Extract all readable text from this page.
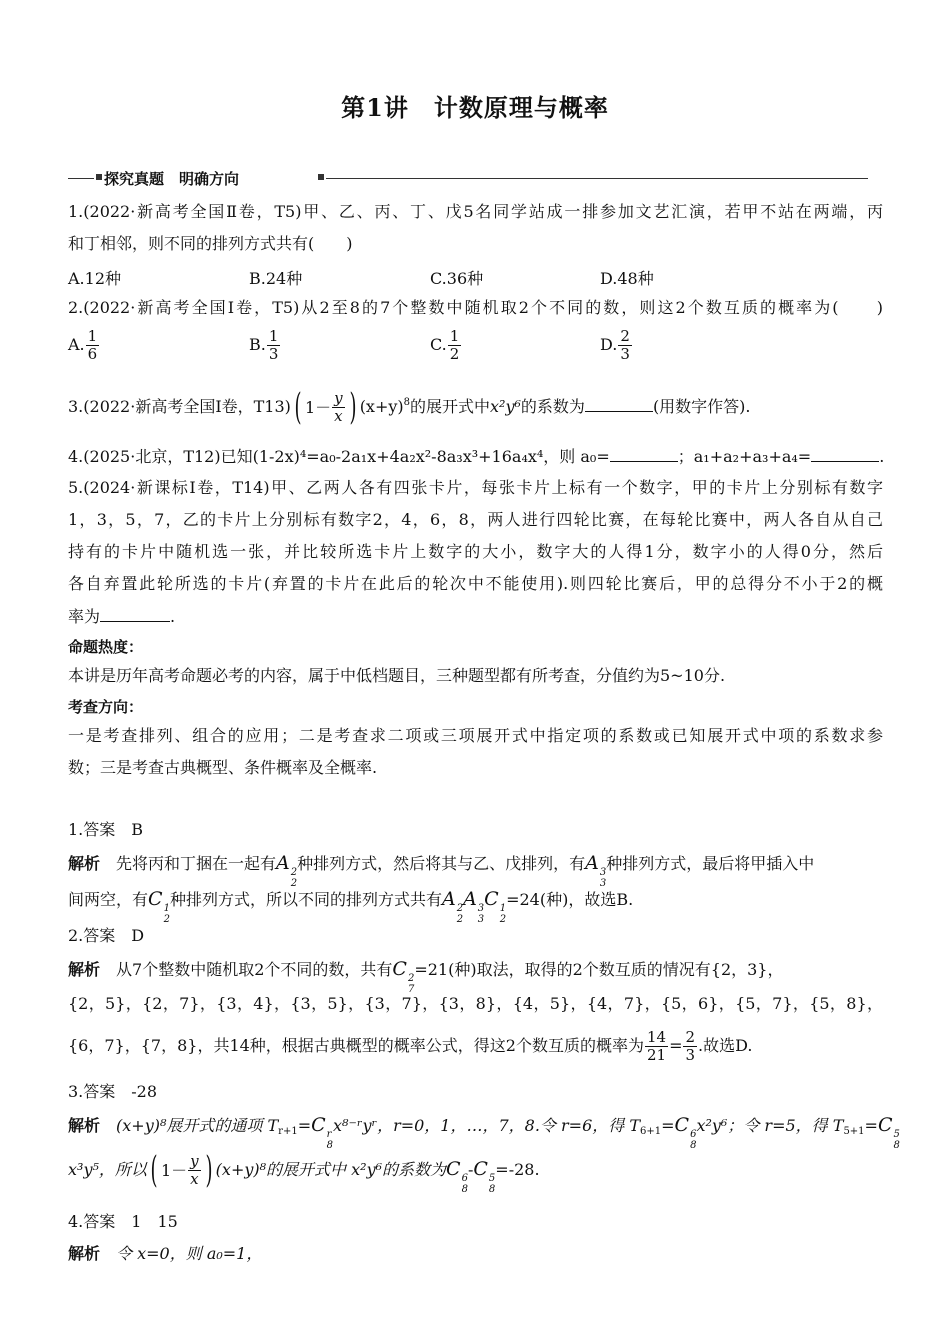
第1讲　计数原理与概率
探究真题　明确方向
1.(2022·新高考全国Ⅱ卷，T5)甲、乙、丙、丁、戊5名同学站成一排参加文艺汇演，若甲不站在两端，丙
和丁相邻，则不同的排列方式共有(　　)
A.12种	B.24种	C.36种	D.48种
2.(2022·新高考全国Ⅰ卷，T5)从2至8的7个整数中随机取2个不同的数，则这2个数互质的概率为(　　)
A. $\frac{1}{6}$	B. $\frac{1}{3}$	C. $\frac{1}{2}$	D. $\frac{2}{3}$
3.(2022·新高考全国Ⅰ卷，T13) ( $1- \frac{y}{x}$ ) $(x+y)^8$的展开式中x²y⁶的系数为	(用数字作答).
4.(2025·北京，T12)已知(1-2x)⁴=a₀-2a₁x+4a₂x²-8a₃x³+16a₄x⁴，则 a₀=	；a₁+a₂+a₃+a₄=	.
5.(2024·新课标Ⅰ卷，T14)甲、乙两人各有四张卡片，每张卡片上标有一个数字，甲的卡片上分别标有数字
1，3，5，7，乙的卡片上分别标有数字2，4，6，8，两人进行四轮比赛，在每轮比赛中，两人各自从自己
持有的卡片中随机选一张，并比较所选卡片上数字的大小，数字大的人得1分，数字小的人得0分，然后
各自弃置此轮所选的卡片(弃置的卡片在此后的轮次中不能使用).则四轮比赛后，甲的总得分不小于2的概
率为	.
命题热度：
本讲是历年高考命题必考的内容，属于中低档题目，三种题型都有所考查，分值约为5~10分.
考查方向：
一是考查排列、组合的应用；二是考查求二项或三项展开式中指定项的系数或已知展开式中项的系数求参
数；三是考查古典概型、条件概率及全概率.
1.答案　B
解析　 先将丙和丁捆在一起有A 2
2
种排列方式，然后将其与乙、戊排列，有A 3
3
种排列方式，最后将甲插入中
间两空，有C 1
2
种排列方式，所以不同的排列方式共有A 2
2
A 3
3
C 1
2
=24(种)，故选B.
2.答案　D
解析　 从7个整数中随机取2个不同的数，共有C 2
7
=21(种)取法，取得的2个数互质的情况有{2，3}，
{2，5}，{2，7}，{3，4}，{3，5}，{3，7}，{3，8}，{4，5}，{4，7}，{5，6}，{5，7}，{5，8}，
{6，7}，{7，8}，共14种，根据古典概型的概率公式，得这2个数互质的概率为 $\frac{14}{21} = \frac{2}{3}$ .故选D.
3.答案　-28
解析　 (x+y)⁸展开式的通项 $T_{r+1}=C$ r
8
x⁸⁻ʳyʳ，r=0，1，…，7，8.令 r=6，得 $T_{6+1}=C$ 6
8
x²y⁶；令 r=5，得 $T_{5+1}=C$ 5
8
x³y⁵，所以 ( $1- \frac{y}{x}$ ) (x+y)⁸的展开式中 x²y⁶的系数为C 6
8
-C 5
8
=-28.
4.答案　1　15
解析　 令 x=0，则 a₀=1，
